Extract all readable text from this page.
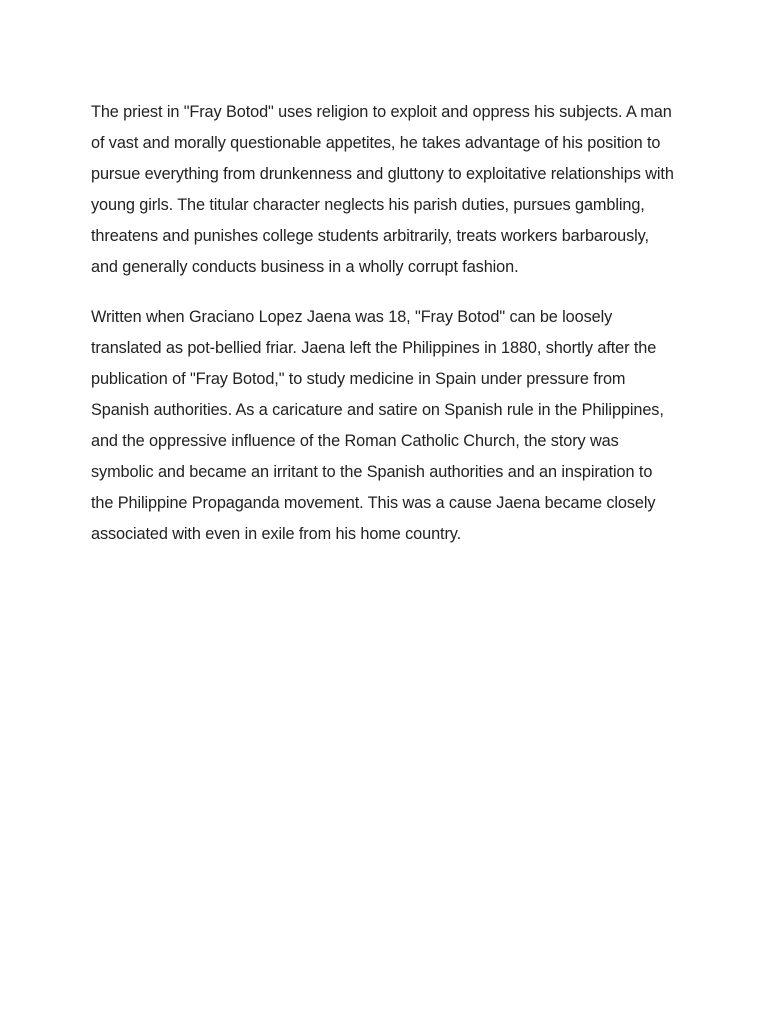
The priest in "Fray Botod" uses religion to exploit and oppress his subjects. A man of vast and morally questionable appetites, he takes advantage of his position to pursue everything from drunkenness and gluttony to exploitative relationships with young girls. The titular character neglects his parish duties, pursues gambling, threatens and punishes college students arbitrarily, treats workers barbarously, and generally conducts business in a wholly corrupt fashion.

Written when Graciano Lopez Jaena was 18, "Fray Botod" can be loosely translated as pot-bellied friar. Jaena left the Philippines in 1880, shortly after the publication of "Fray Botod," to study medicine in Spain under pressure from Spanish authorities. As a caricature and satire on Spanish rule in the Philippines, and the oppressive influence of the Roman Catholic Church, the story was symbolic and became an irritant to the Spanish authorities and an inspiration to the Philippine Propaganda movement. This was a cause Jaena became closely associated with even in exile from his home country.
